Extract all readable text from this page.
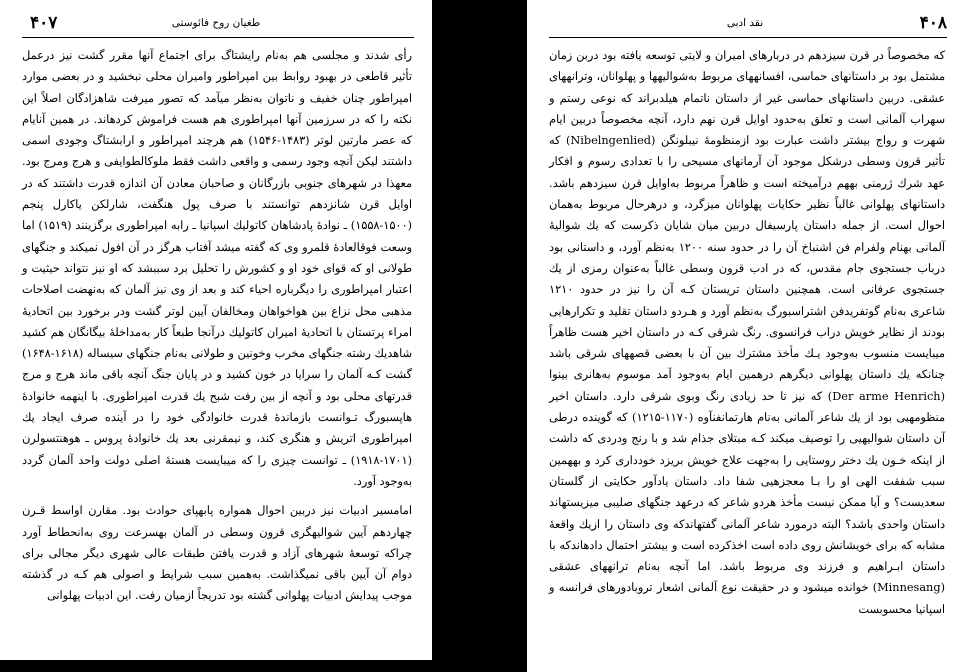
۴۰۷	طغیان روح فائوستی

رأی شدند و مجلسی هم بەنام رایشتاگ برای اجتماع آنها مقرر گشت نیز درعمل تأثیر قاطعی در بهبود روابط بین امپراطور وامیران محلی نبخشید و در بعضی موارد امپراطور چنان خفیف و ناتوان بەنظر میآمد که تصور میرفت شاهزادگان اصلاً این نکته را که در سرزمین آنها امپراطوری هم هست فراموش کردهاند. در همین آنایام که عصر مارتین لوتر (۱۴۸۳-۱۵۴۶) هم هرچند امپراطور و ارابشتاگ وجودی اسمی داشتند لیکن آنچه وجود رسمی و واقعی داشت فقط ملوکالطوایفی و هرج ومرج بود. معهذا در شهرهای جنوبی بازرگانان و صاحبان معادن آن اندازه قدرت داشتند که در اوایل قرن شانزدهم توانستند با صرف پول هنگفت، شارلکن یاکارل پنجم (۱۵۰۰-۱۵۵۸) ـ نوادهٔ پادشاهان کاتولیك اسپانیا ـ رابه امپراطوری برگزینند (۱۵۱۹) اما وسعت فوقالعادهٔ قلمرو وی که گفته میشد آفتاب هرگز در آن افول نمیکند و جنگهای طولانی او که قوای خود او و کشورش را تحلیل برد سببشد که او نیز نتواند حیثیت و اعتبار امپراطوری را دیگرباره احیاء کند و بعد از وی نیز آلمان که بەنهضت اصلاحات مذهبی محل نزاع بین هواخواهان ومخالفان آیین لوتر گشت ودر برخورد بین اتحادیهٔ امراء پرتستان با اتحادیهٔ امیران کاتولیك درآنجا طبعاً کار بەمداخلهٔ بیگانگان هم کشید شاهدیك رشته جنگهای مخرب وخونین و طولانی بەنام جنگهای سیساله (۱۶۱۸-۱۶۴۸) گشت کـه آلمان را سرایا در خون کشید و در پایان جنگ آنچه باقی ماند هرج و مرج قدرتهای محلی بود و آنچه از بین رفت شبح یك قدرت امپراطوری. با اینهمه خانوادهٔ هاپسبورگ تـوانست بازماندهٔ قدرت خانوادگی خود را در آینده صرف ایجاد یك امپراطوری اتریش و هنگری کند، و نیمقرنی بعد یك خانوادهٔ پروس ـ هوهنتسولرن (۱۷۰۱-۱۹۱۸) ـ توانست چیزی را که میبایست هستهٔ اصلی دولت واحد آلمان گردد بەوجود آورد.

امامسیر ادبیات نیز دربین احوال همواره پابهپای حوادث بود. مقارن اواسط قـرن چهاردهم آیین شوالیهگری قرون وسطی در آلمان بهسرعت روی بەانحطاط آورد چراکه توسعهٔ شهرهای آزاد و قدرت یافتن طبقات عالی شهری دیگر مجالی برای دوام آن آیین باقی نمیگذاشت. بەهمین سبب شرایط و اصولی هم کـه در گذشته موجب پیدایش ادبیات پهلوانی گشته بود تدریجاً ازمیان رفت. این ادبیات پهلوانی

۴۰۸
نقد ادبی

که مخصوصاً در قرن سیزدهم در دربارهای امیران و لایتی توسعه یافته بود دربن زمان مشتمل بود بر داستانهای حماسی، افسانههای مربوط بەشوالیهها و پهلوانان، وترانههای عشقی. دربین داستانهای حماسی غیر از داستان ناتمام هیلدبراند که نوعی رستم و سهراب آلمانی است و تعلق بەحدود اوایل قرن نهم دارد، آنچه مخصوصاً دربین ایام شهرت و رواج بیشتر داشت عبارت بود ازمنظومهٔ نیبلونگن (Nibelngenlied) که تأثیر قرون وسطی درشکل موجود آن آرمانهای مسیحی را با تعدادی رسوم و افکار عهد شرك ژرمنی بههم درآمیخته است و ظاهراً مربوط بەاوایل قرن سیزدهم باشد. داستانهای پهلوانی غالباً نظیر حکایات پهلوانان میزگرد، و درهرحال مربوط بەهمان احوال است. از جمله داستان پارسیفال دربین میان شایان ذکرست که یك شوالیهٔ آلمانی بهنام ولفرام فن اشنباخ آن را در حدود سنه ۱۲۰۰ بەنظم آورد، و داستانی بود درباب جستجوی جام مقدس، که در ادب قرون وسطی غالباً بەعنوان رمزی از یك جستجوی عرفانی است. همچنین داستان تریستان کـه آن را نیز در حدود ۱۲۱۰ شاعری بەنام گوتفریدفن اشتراسبورگ بەنظم آورد و هـردو داستان تقلید و تکرارهایی بودند از نظایر خویش دراب فرانسوی. رنگ شرقی کـه در داستان اخیر هست ظاهراً میبایست منسوب بەوجود یـك مأخذ مشترك بین آن با بعضی قصههای شرقی باشد چنانکه یك داستان پهلوانی دیگرهم درهمین ایام بەوجود آمد موسوم بەهانری بینوا (Der arme Henrich) که نیز تا حد زیادی رنگ وبوی شرقی دارد. داستان اخیر منظومهیی بود از یك شاعر آلمانی بەنام هارتمانفنآوه (۱۱۷۰-۱۲۱۵) که گوینده درطی آن داستان شوالیهیی را توصیف میکند کـه مبتلای جذام شد و با رنج ودردی که داشت از اینکه خـون یك دختر روستایی را بەجهت علاج خویش بریزد خودداری کرد و بههمین سبب شفقت الهی او را بـا معجزهیی شفا داد. داستان یادآور حکایتی از گلستان سعدیست؟ و آیا ممکن نیست مأخذ هردو شاعر که درعهد جنگهای صلیبی میزیستهاند داستان واحدی باشد؟ البته درمورد شاعر آلمانی گفتهاندکه وی داستان را ازیك واقعهٔ مشابه که برای خویشانش روی داده است اخذکرده است و بیشتر احتمال دادهاندکه با داستان ابـراهیم و فرزند وی مربوط باشد. اما آنچه بەنام ترانههای عشقی (Minnesang) خوانده میشود و در حقیقت نوع آلمانی اشعار تروبادورهای فرانسه و اسپانیا محسوبست
